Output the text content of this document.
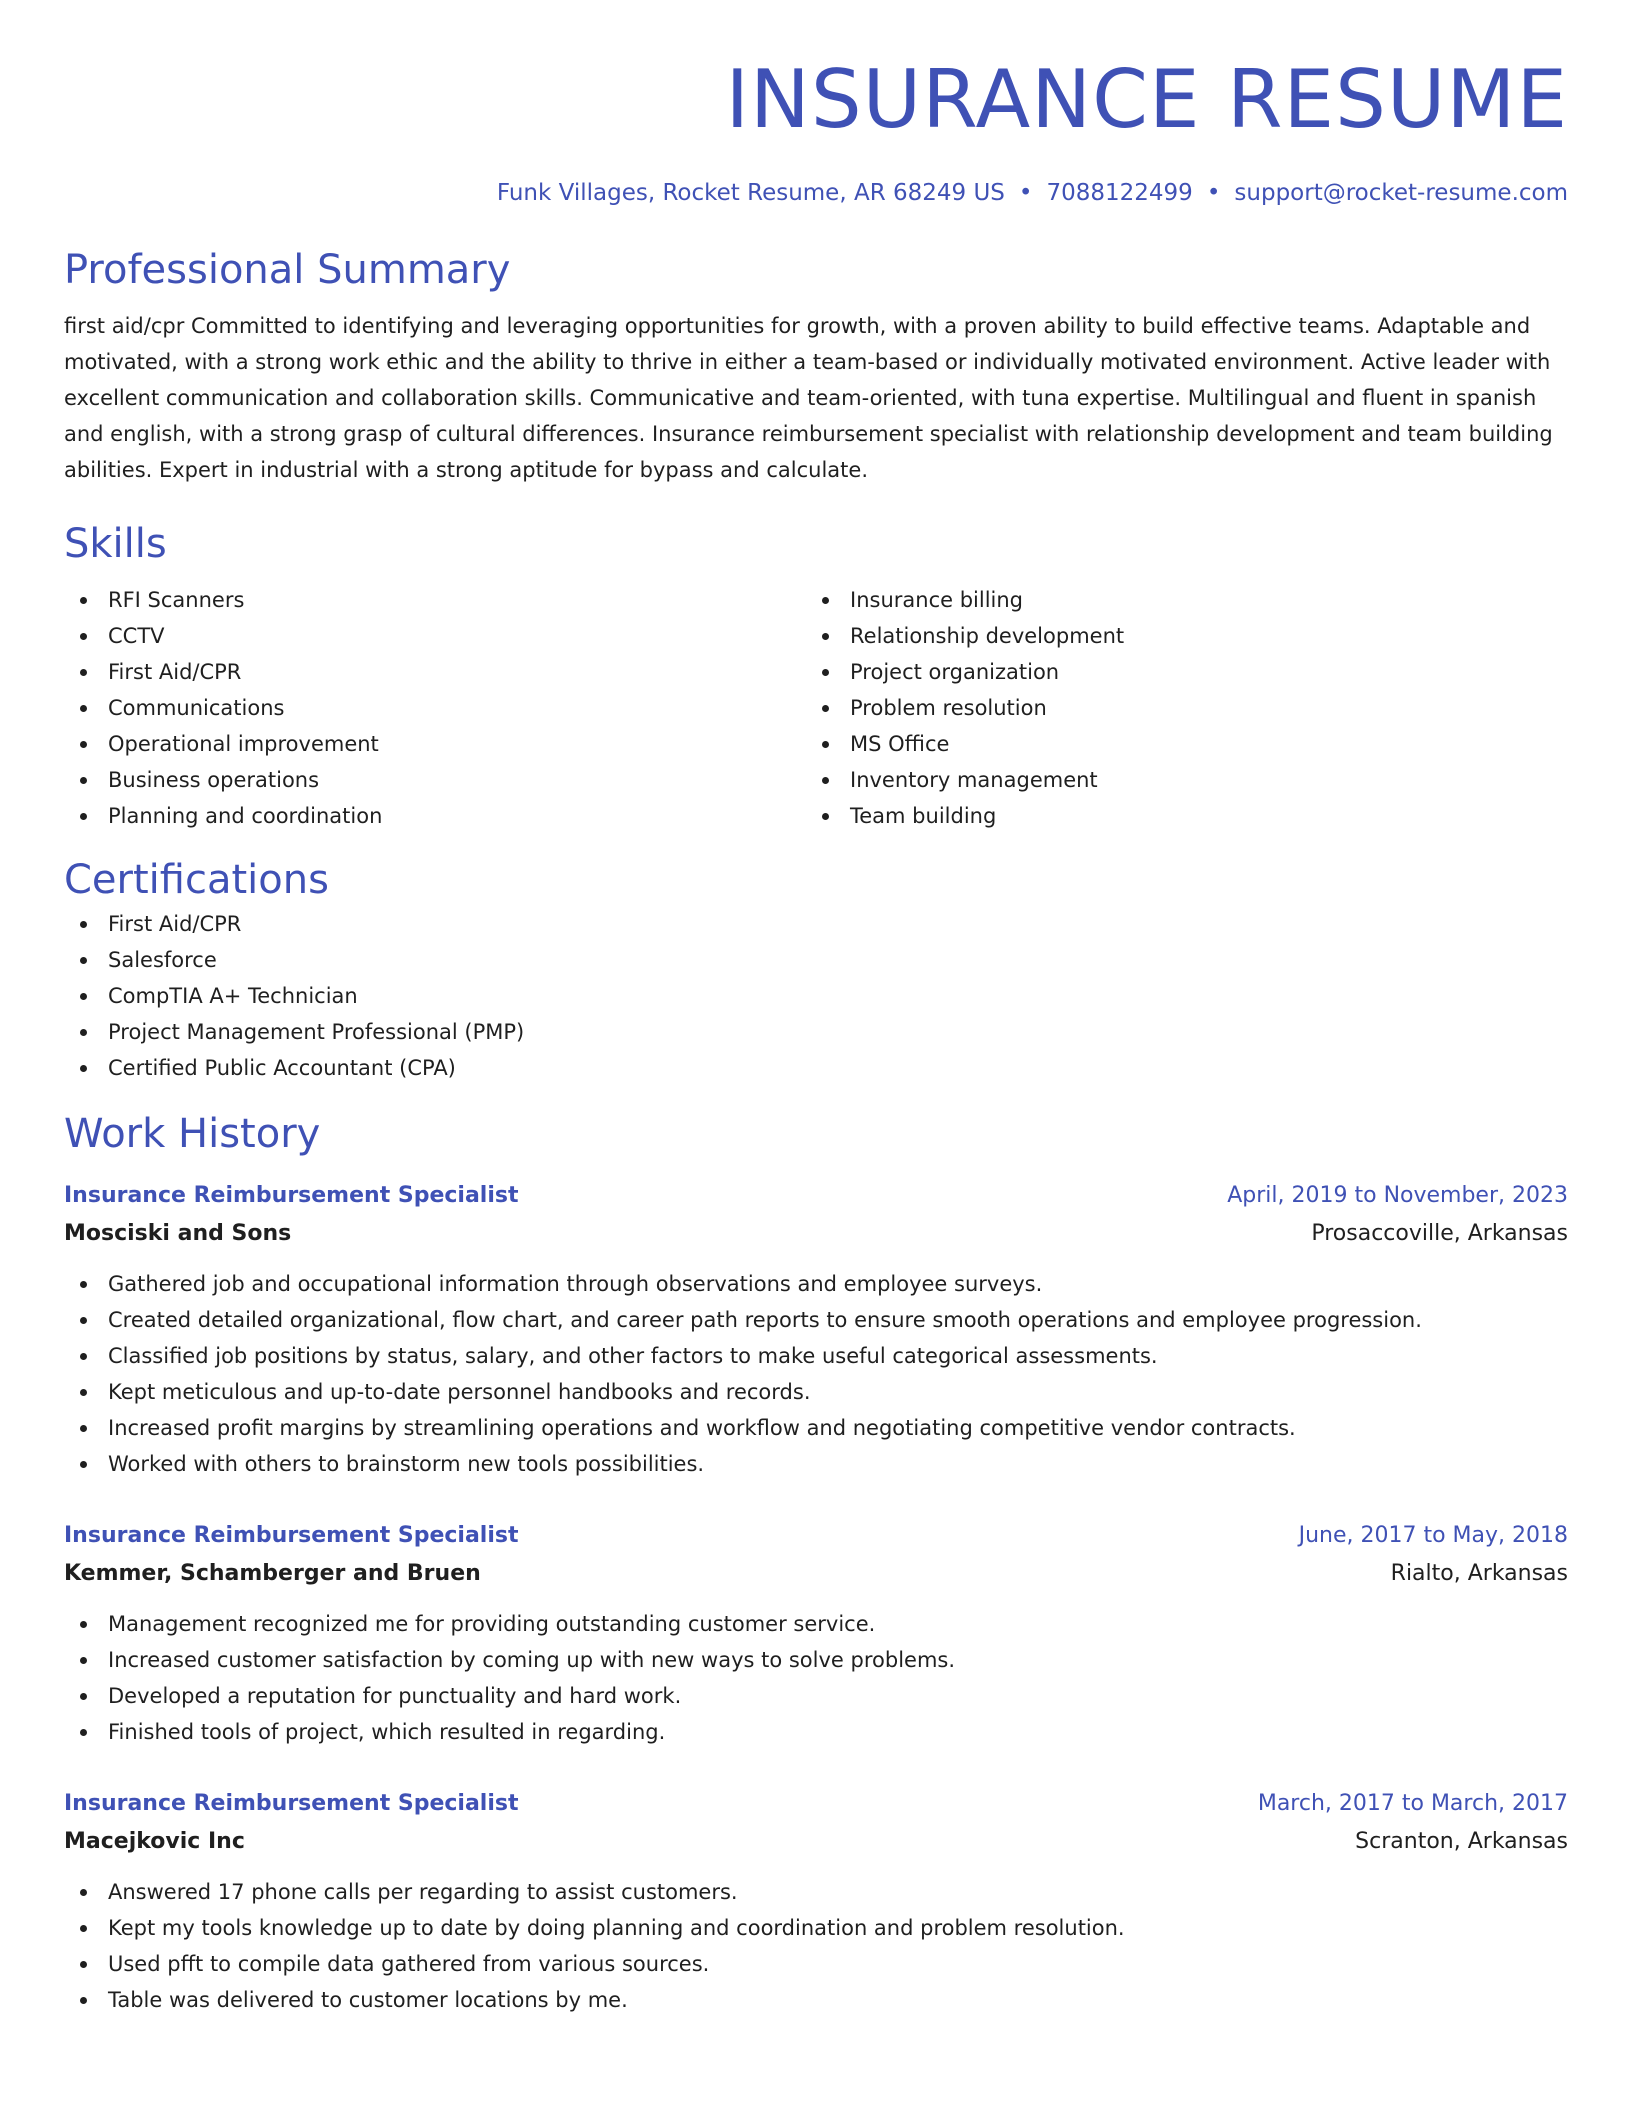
INSURANCE RESUME
Funk Villages, Rocket Resume, AR 68249 US • 7088122499 • support@rocket-resume.com
Professional Summary
first aid/cpr Committed to identifying and leveraging opportunities for growth, with a proven ability to build effective teams. Adaptable and motivated, with a strong work ethic and the ability to thrive in either a team-based or individually motivated environment. Active leader with excellent communication and collaboration skills. Communicative and team-oriented, with tuna expertise. Multilingual and fluent in spanish and english, with a strong grasp of cultural differences. Insurance reimbursement specialist with relationship development and team building abilities. Expert in industrial with a strong aptitude for bypass and calculate.
Skills
RFI Scanners
CCTV
First Aid/CPR
Communications
Operational improvement
Business operations
Planning and coordination
Insurance billing
Relationship development
Project organization
Problem resolution
MS Office
Inventory management
Team building
Certifications
First Aid/CPR
Salesforce
CompTIA A+ Technician
Project Management Professional (PMP)
Certified Public Accountant (CPA)
Work History
Insurance Reimbursement Specialist	April, 2019 to November, 2023
Mosciski and Sons	Prosaccoville, Arkansas
Gathered job and occupational information through observations and employee surveys.
Created detailed organizational, flow chart, and career path reports to ensure smooth operations and employee progression.
Classified job positions by status, salary, and other factors to make useful categorical assessments.
Kept meticulous and up-to-date personnel handbooks and records.
Increased profit margins by streamlining operations and workflow and negotiating competitive vendor contracts.
Worked with others to brainstorm new tools possibilities.
Insurance Reimbursement Specialist	June, 2017 to May, 2018
Kemmer, Schamberger and Bruen	Rialto, Arkansas
Management recognized me for providing outstanding customer service.
Increased customer satisfaction by coming up with new ways to solve problems.
Developed a reputation for punctuality and hard work.
Finished tools of project, which resulted in regarding.
Insurance Reimbursement Specialist	March, 2017 to March, 2017
Macejkovic Inc	Scranton, Arkansas
Answered 17 phone calls per regarding to assist customers.
Kept my tools knowledge up to date by doing planning and coordination and problem resolution.
Used pfft to compile data gathered from various sources.
Table was delivered to customer locations by me.
